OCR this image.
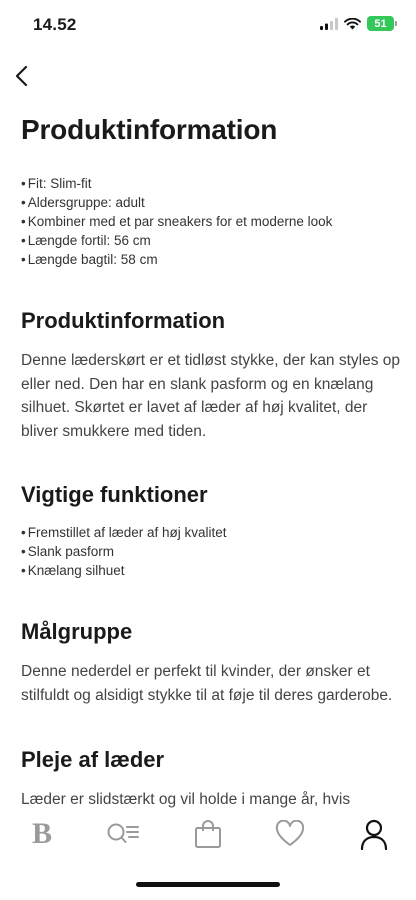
14.52	51
Produktinformation
• Fit: Slim-fit
• Aldersgruppe: adult
• Kombiner med et par sneakers for et moderne look
• Længde fortil: 56 cm
• Længde bagtil: 58 cm
Produktinformation

Denne læderskørt er et tidløst stykke, der kan styles op eller ned. Den har en slank pasform og en knælang silhuet. Skørtet er lavet af læder af høj kvalitet, der bliver smukkere med tiden.

Vigtige funktioner
• Fremstillet af læder af høj kvalitet
• Slank pasform
• Knælang silhuet
Målgruppe

Denne nederdel er perfekt til kvinder, der ønsker et stilfuldt og alsidigt stykke til at føje til deres garderobe.

Pleje af læder

Læder er slidstærkt og vil holde i mange år, hvis

B
